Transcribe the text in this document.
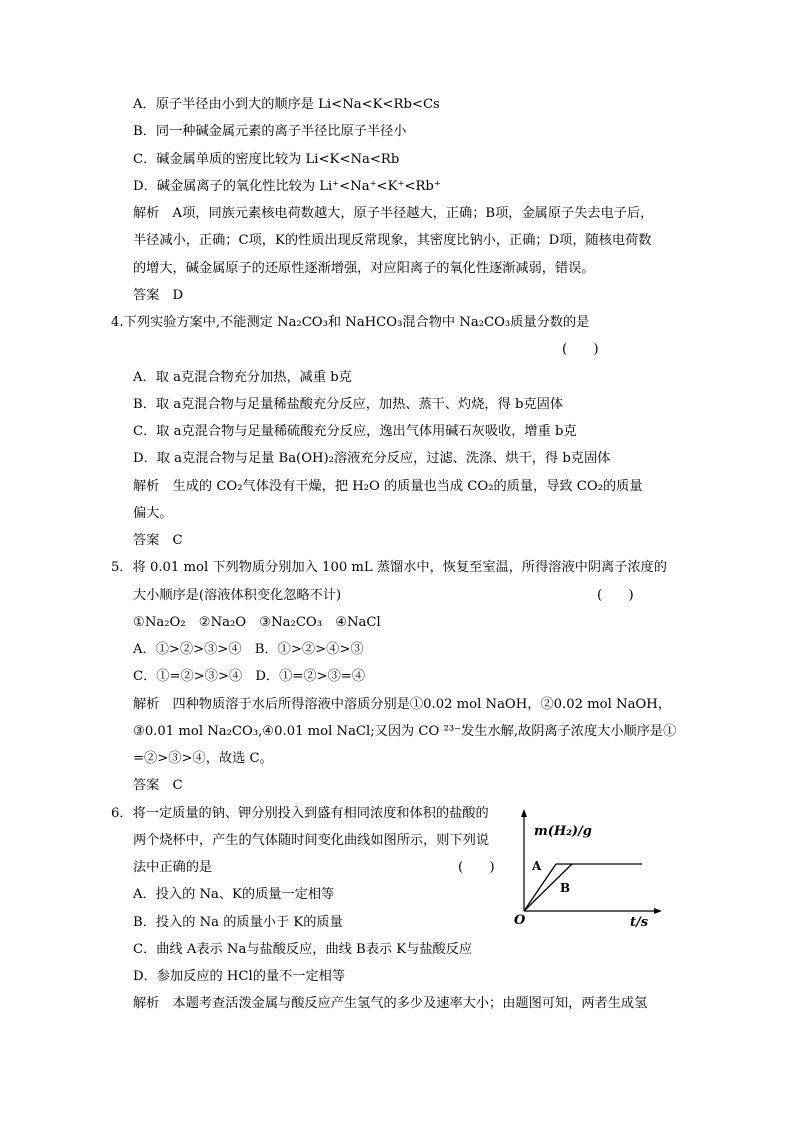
A．原子半径由小到大的顺序是 Li<Na<K<Rb<Cs
B．同一种碱金属元素的离子半径比原子半径小
C．碱金属单质的密度比较为 Li<K<Na<Rb
D．碱金属离子的氧化性比较为 Li⁺<Na⁺<K⁺<Rb⁺
解析　A项，同族元素核电荷数越大，原子半径越大，正确；B项，金属原子失去电子后，
半径减小，正确；C项，K的性质出现反常现象，其密度比钠小，正确；D项，随核电荷数
的增大，碱金属原子的还原性逐渐增强，对应阳离子的氧化性逐渐减弱，错误。
答案　D
4.下列实验方案中,不能测定 Na₂CO₃和 NaHCO₃混合物中 Na₂CO₃质量分数的是
(　　)
A．取 a克混合物充分加热，减重 b克
B．取 a克混合物与足量稀盐酸充分反应，加热、蒸干、灼烧，得 b克固体
C．取 a克混合物与足量稀硫酸充分反应，逸出气体用碱石灰吸收，增重 b克
D．取 a克混合物与足量 Ba(OH)₂溶液充分反应，过滤、洗涤、烘干，得 b克固体
解析　生成的 CO₂气体没有干燥，把 H₂O 的质量也当成 CO₂的质量，导致 CO₂的质量
偏大。
答案　C
5．将 0.01 mol 下列物质分别加入 100 mL 蒸馏水中，恢复至室温，所得溶液中阴离子浓度的
大小顺序是(溶液体积变化忽略不计)	(　　)
①Na₂O₂　②Na₂O　③Na₂CO₃　④NaCl
A．①>②>③>④　B．①>②>④>③
C．①=②>③>④　D．①=②>③=④
解析　四种物质溶于水后所得溶液中溶质分别是①0.02 mol NaOH，②0.02 mol NaOH，
③0.01 mol Na₂CO₃,④0.01 mol NaCl;又因为 CO ²³⁻发生水解,故阴离子浓度大小顺序是①
=②>③>④，故选 C。
答案　C
6．将一定质量的钠、钾分别投入到盛有相同浓度和体积的盐酸的
两个烧杯中，产生的气体随时间变化曲线如图所示，则下列说
法中正确的是	(　　)
A．投入的 Na、K的质量一定相等
B．投入的 Na 的质量小于 K的质量
C．曲线 A表示 Na与盐酸反应，曲线 B表示 K与盐酸反应
D．参加反应的 HCl的量不一定相等
解析　本题考查活泼金属与酸反应产生氢气的多少及速率大小；由题图可知，两者生成氢
m(H₂)/g
t/s
O
A
B
